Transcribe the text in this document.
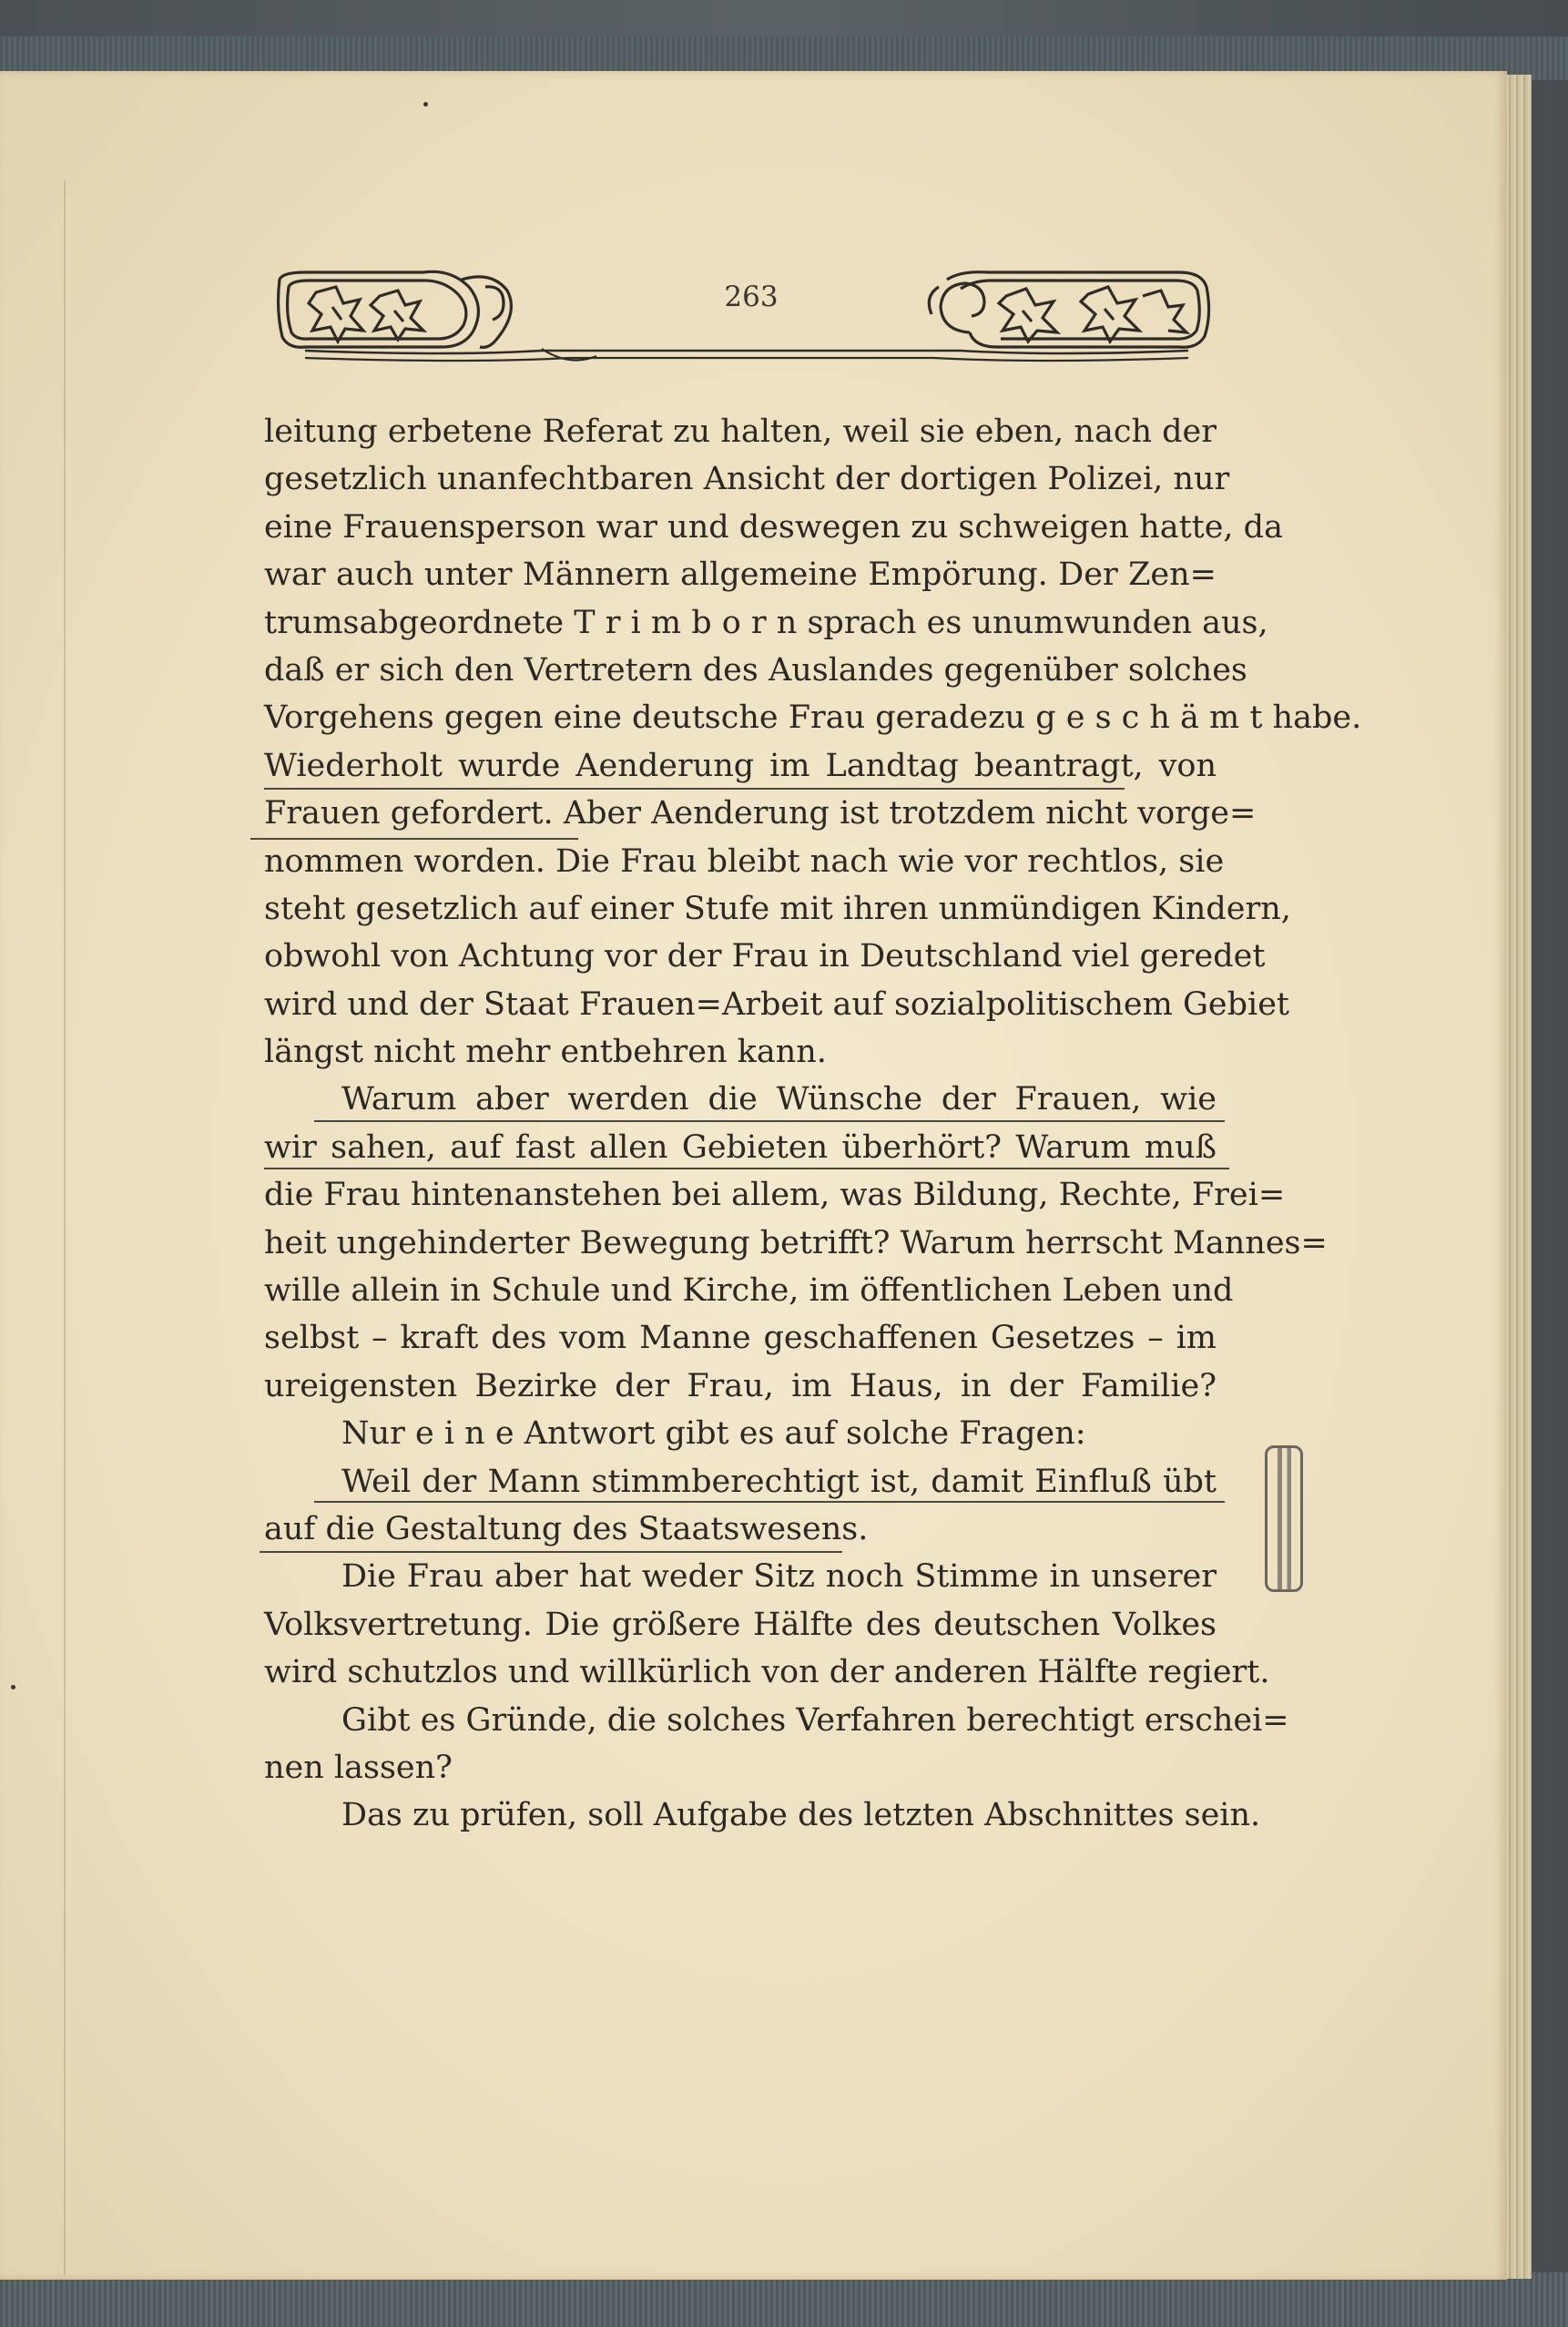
263
leitung erbetene Referat zu halten, weil sie eben, nach der
gesetzlich unanfechtbaren Ansicht der dortigen Polizei, nur
eine Frauensperson war und deswegen zu schweigen hatte, da
war auch unter Männern allgemeine Empörung. Der Zen=
trumsabgeordnete T r i m b o r n sprach es unumwunden aus,
daß er sich den Vertretern des Auslandes gegenüber solches
Vorgehens gegen eine deutsche Frau geradezu g e s c h ä m t habe.
Wiederholt wurde Aenderung im Landtag beantragt, von
Frauen gefordert. Aber Aenderung ist trotzdem nicht vorge=
nommen worden. Die Frau bleibt nach wie vor rechtlos, sie
steht gesetzlich auf einer Stufe mit ihren unmündigen Kindern,
obwohl von Achtung vor der Frau in Deutschland viel geredet
wird und der Staat Frauen=Arbeit auf sozialpolitischem Gebiet
längst nicht mehr entbehren kann.
Warum aber werden die Wünsche der Frauen, wie
wir sahen, auf fast allen Gebieten überhört? Warum muß
die Frau hintenanstehen bei allem, was Bildung, Rechte, Frei=
heit ungehinderter Bewegung betrifft? Warum herrscht Mannes=
wille allein in Schule und Kirche, im öffentlichen Leben und
selbst – kraft des vom Manne geschaffenen Gesetzes – im
ureigensten Bezirke der Frau, im Haus, in der Familie?
Nur e i n e Antwort gibt es auf solche Fragen:
Weil der Mann stimmberechtigt ist, damit Einfluß übt
auf die Gestaltung des Staatswesens.
Die Frau aber hat weder Sitz noch Stimme in unserer
Volksvertretung. Die größere Hälfte des deutschen Volkes
wird schutzlos und willkürlich von der anderen Hälfte regiert.
Gibt es Gründe, die solches Verfahren berechtigt erschei=
nen lassen?
Das zu prüfen, soll Aufgabe des letzten Abschnittes sein.
